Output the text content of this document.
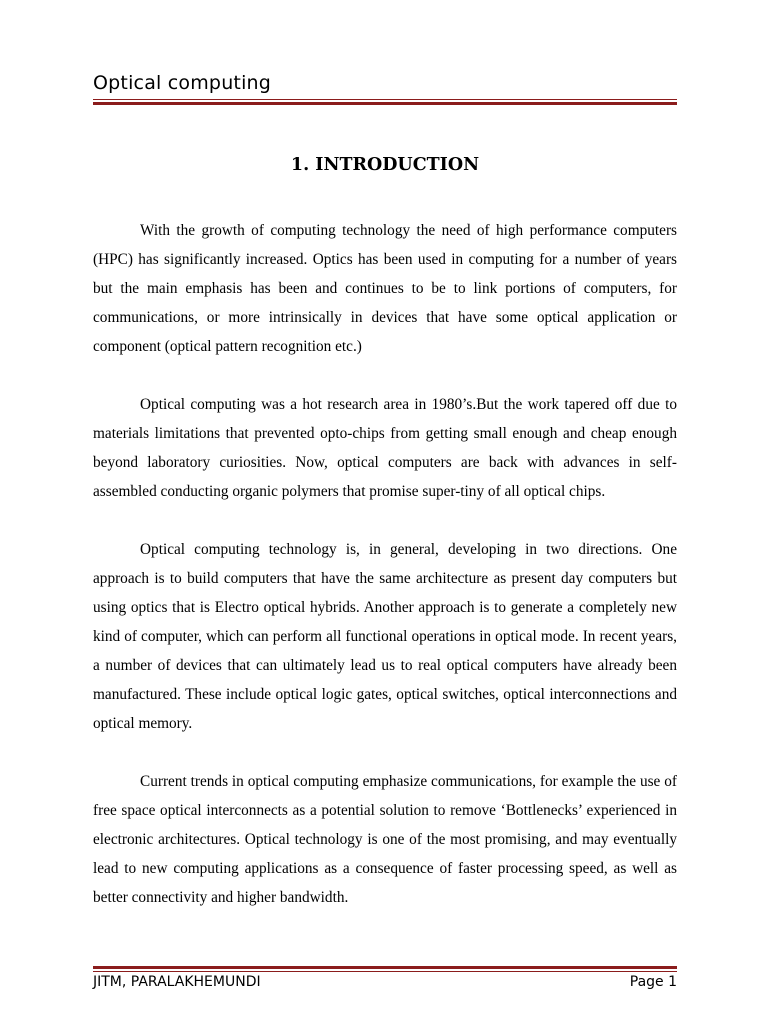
Optical computing
1. INTRODUCTION

With the growth of computing technology the need of high performance computers (HPC) has significantly increased. Optics has been used in computing for a number of years but the main emphasis has been and continues to be to link portions of computers, for communications, or more intrinsically in devices that have some optical application or component (optical pattern recognition etc.)

Optical computing was a hot research area in 1980’s.But the work tapered off due to materials limitations that prevented opto-chips from getting small enough and cheap enough beyond laboratory curiosities. Now, optical computers are back with advances in self-assembled conducting organic polymers that promise super-tiny of all optical chips.

Optical computing technology is, in general, developing in two directions. One approach is to build computers that have the same architecture as present day computers but using optics that is Electro optical hybrids. Another approach is to generate a completely new kind of computer, which can perform all functional operations in optical mode. In recent years, a number of devices that can ultimately lead us to real optical computers have already been manufactured. These include optical logic gates, optical switches, optical interconnections and optical memory.

Current trends in optical computing emphasize communications, for example the use of free space optical interconnects as a potential solution to remove ‘Bottlenecks’ experienced in electronic architectures. Optical technology is one of the most promising, and may eventually lead to new computing applications as a consequence of faster processing speed, as well as better connectivity and higher bandwidth.

JITM, PARALAKHEMUNDI	Page 1
